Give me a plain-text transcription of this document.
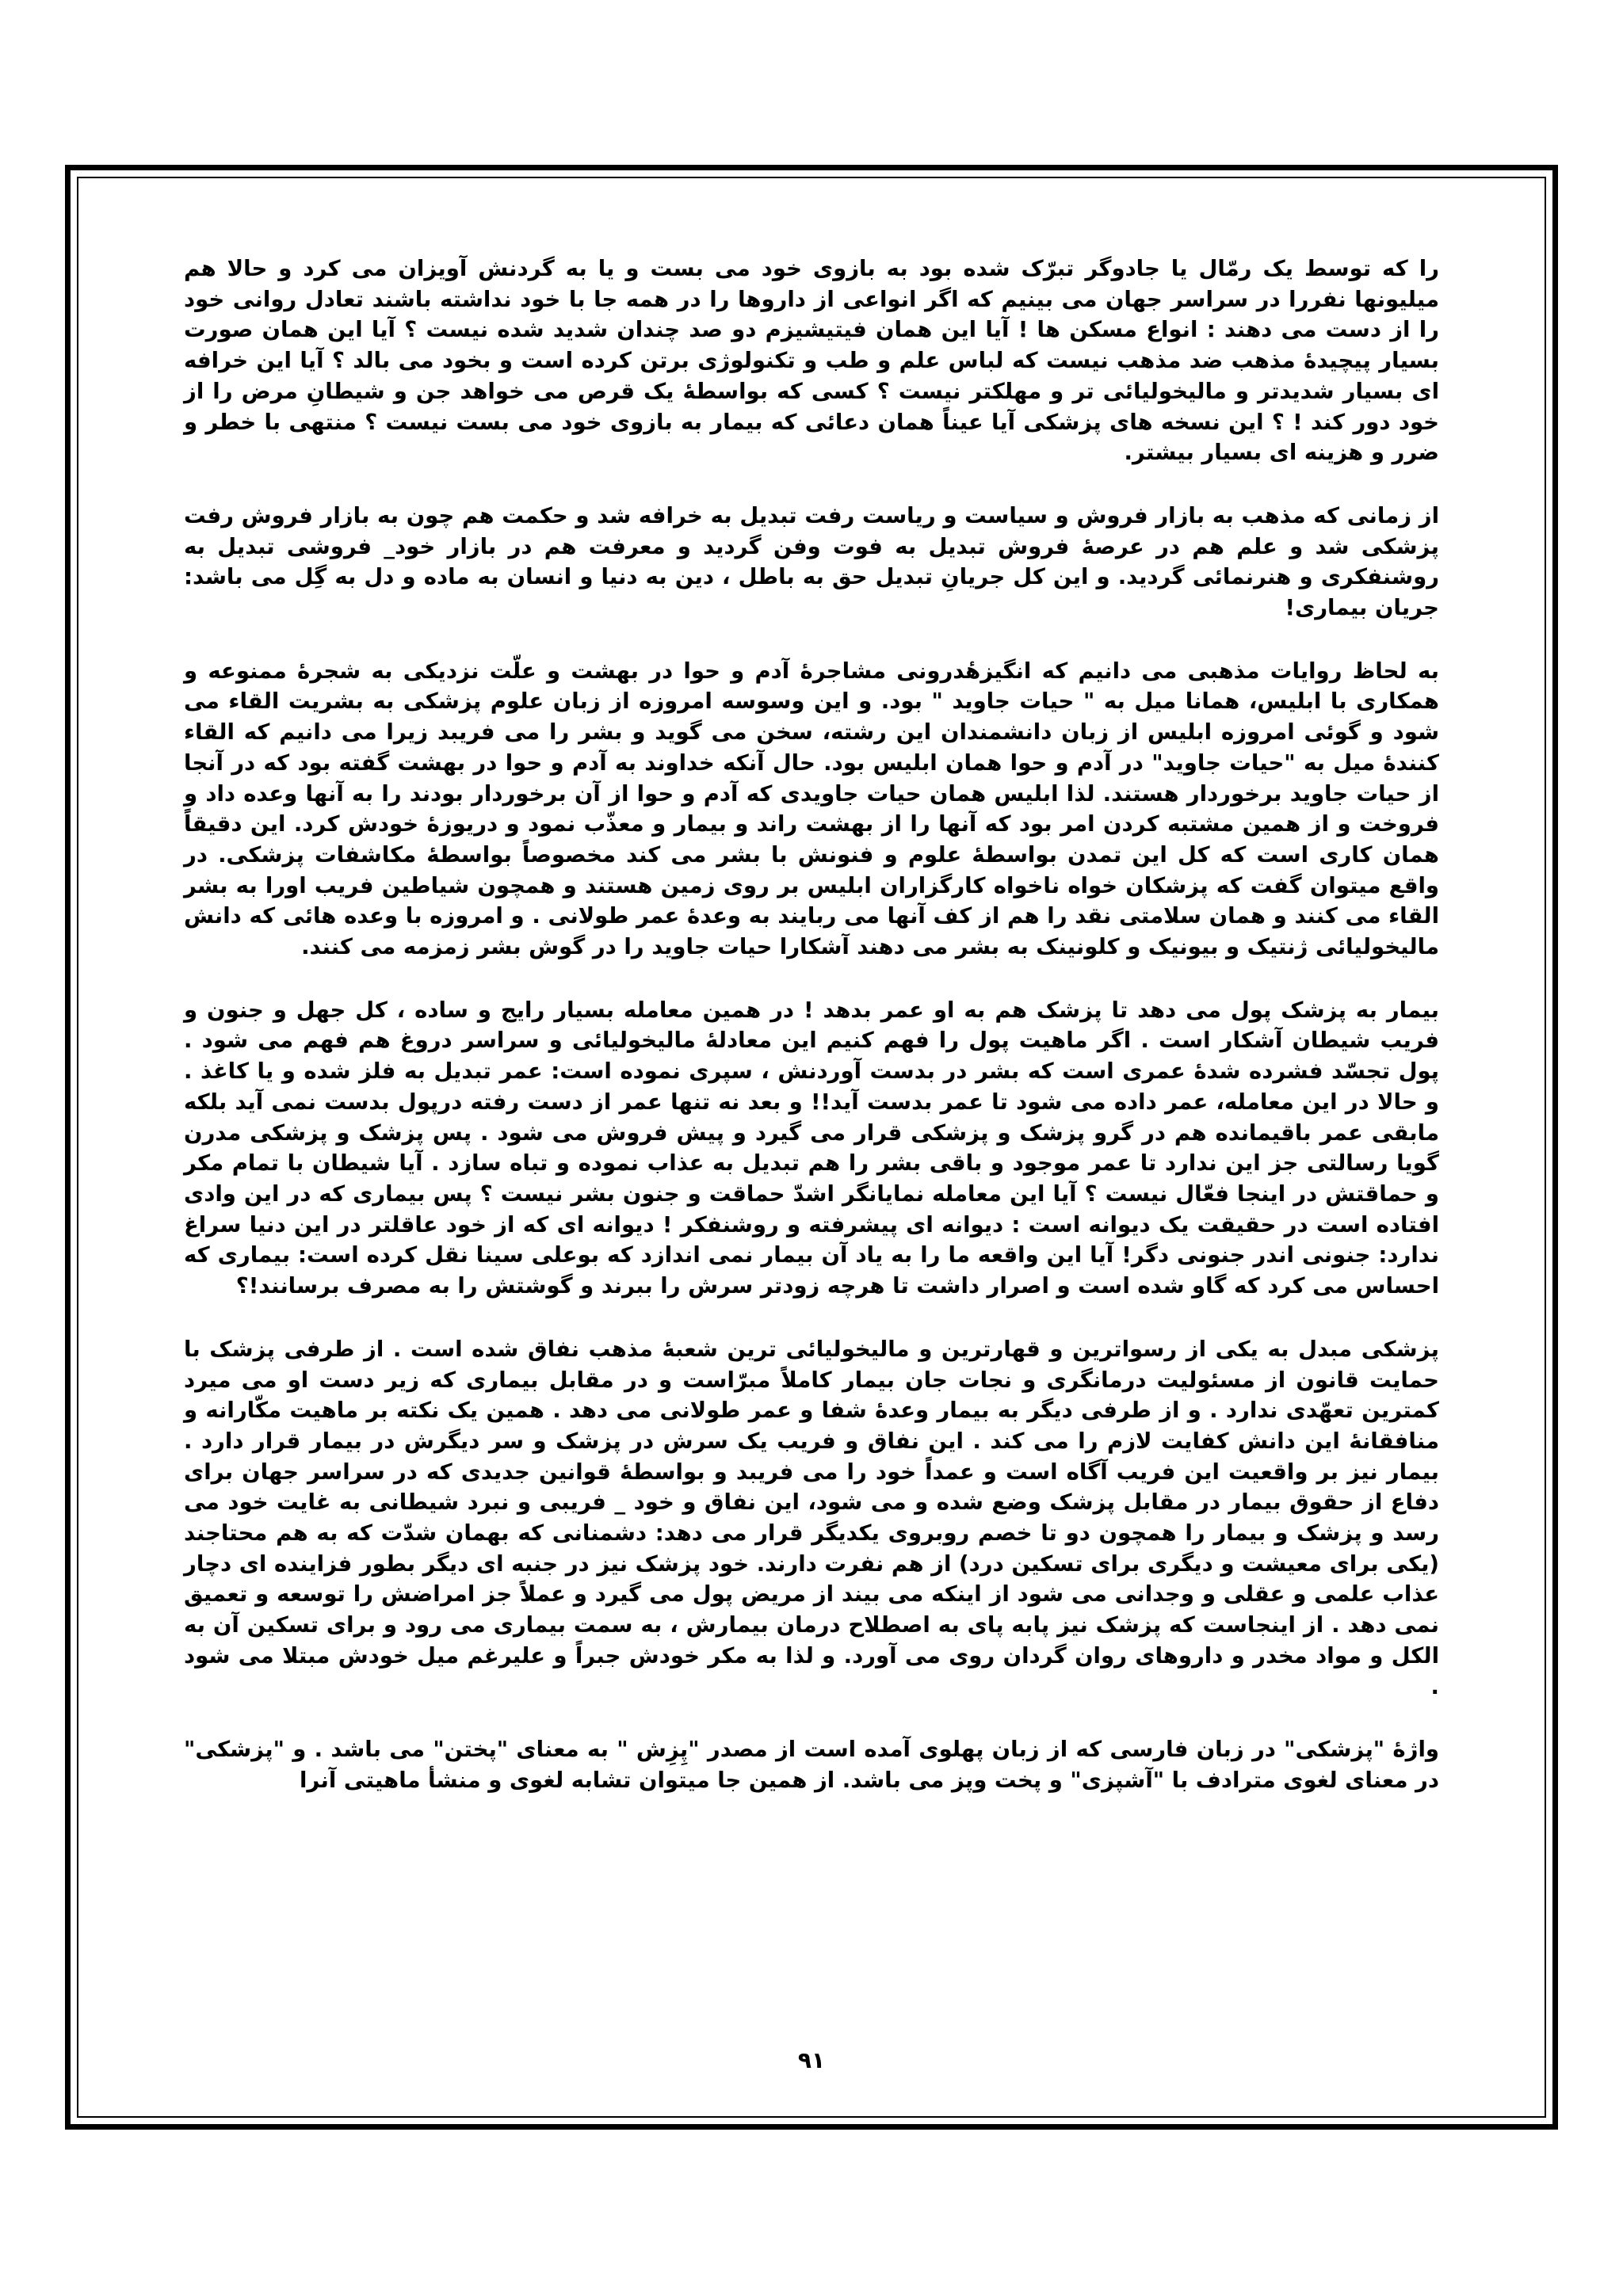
را كه توسط یک رمّال یا جادوگر تبرّک شده بود به بازوی خود می بست و یا به گردنش آویزان می کرد و حالا هم میلیونها نفررا در سراسر جهان می بینیم که اگر انواعی از داروها را در همه جا با خود نداشته باشند تعادل روانی خود را از دست می دهند : انواع مسکن ها ! آیا این همان فیتیشیزم دو صد چندان شدید شده نیست ؟ آیا این همان صورت بسیار پیچیدهٔ مذهب ضد مذهب نیست که لباس علم و طب و تکنولوژی برتن کرده است و بخود می بالد ؟ آیا این خرافه ای بسیار شدیدتر و مالیخولیائی تر و مهلکتر نیست ؟ کسی که بواسطهٔ یک قرص می خواهد جن و شیطانِ مرض را از خود دور کند ! ؟ این نسخه های پزشکی آیا عیناً همان دعائی که بیمار به بازوی خود می بست نیست ؟ منتهی با خطر و ضرر و هزینه ای بسیار بیشتر.

از زمانی که مذهب به بازار فروش و سیاست و ریاست رفت تبدیل به خرافه شد و حکمت هم چون به بازار فروش رفت پزشکی شد و علم هم در عرصهٔ فروش تبدیل به فوت وفن گردید و معرفت هم در بازار خود_ فروشی تبدیل به روشنفکری و هنرنمائی گردید. و این کل جریانِ تبدیل حق به باطل ، دین به دنیا و انسان به ماده و دل به گِل می باشد: جریان بیماری!

به لحاظ روایات مذهبی می دانیم که انگیزهٔدرونی مشاجرهٔ آدم و حوا در بهشت و علّت نزدیکی به شجرهٔ ممنوعه و همکاری با ابلیس، همانا میل به " حیات جاوید " بود. و این وسوسه امروزه از زبان علوم پزشکی به بشریت القاء می شود و گوئی امروزه ابلیس از زبان دانشمندان این رشته، سخن می گوید و بشر را می فریبد زیرا می دانیم که القاء کنندهٔ میل به "حیات جاوید" در آدم و حوا همان ابلیس بود. حال آنکه خداوند به آدم و حوا در بهشت گفته بود که در آنجا از حیات جاوید برخوردار هستند. لذا ابلیس همان حیات جاویدی که آدم و حوا از آن برخوردار بودند را به آنها وعده داد و فروخت و از همین مشتبه کردن امر بود که آنها را از بهشت راند و بیمار و معذّب نمود و دریوزهٔ خودش کرد. این دقیقاً همان کاری است که کل این تمدن بواسطهٔ علوم و فنونش با بشر می کند مخصوصاً بواسطهٔ مکاشفات پزشکی. در واقع میتوان گفت که پزشکان خواه ناخواه کارگزاران ابلیس بر روی زمین هستند و همچون شیاطین فریب اورا به بشر القاء می کنند و همان سلامتی نقد را هم از کف آنها می ربایند به وعدهٔ عمر طولانی . و امروزه با وعده هائی که دانش مالیخولیائی ژنتیک و بیونیک و کلونینک به بشر می دهند آشکارا حیات جاوید را در گوش بشر زمزمه می کنند.

بیمار به پزشک پول می دهد تا پزشک هم به او عمر بدهد ! در همین معامله بسیار رایج و ساده ، کل جهل و جنون و فریب شیطان آشکار است . اگر ماهیت پول را فهم کنیم این معادلهٔ مالیخولیائی و سراسر دروغ هم فهم می شود . پول تجسّد فشرده شدهٔ عمری است که بشر در بدست آوردنش ، سپری نموده است: عمر تبدیل به فلز شده و یا کاغذ . و حالا در این معامله، عمر داده می شود تا عمر بدست آید!! و بعد نه تنها عمر از دست رفته درپول بدست نمی آید بلکه مابقی عمر باقیمانده هم در گرو پزشک و پزشکی قرار می گیرد و پیش فروش می شود . پس پزشک و پزشکی مدرن گویا رسالتی جز این ندارد تا عمر موجود و باقی بشر را هم تبدیل به عذاب نموده و تباه سازد . آیا شیطان با تمام مکر و حماقتش در اینجا فعّال نیست ؟ آیا این معامله نمایانگر اشدّ حماقت و جنون بشر نیست ؟ پس بیماری که در این وادی افتاده است در حقیقت یک دیوانه است : دیوانه ای پیشرفته و روشنفکر ! دیوانه ای که از خود عاقلتر در این دنیا سراغ ندارد: جنونی اندر جنونی دگر! آیا این واقعه ما را به یاد آن بیمار نمی اندازد که بوعلی سینا نقل کرده است: بیماری که احساس می کرد که گاو شده است و اصرار داشت تا هرچه زودتر سرش را ببرند و گوشتش را به مصرف برسانند!؟

پزشکی مبدل به یکی از رسواترین و قهارترین و مالیخولیائی ترین شعبهٔ مذهب نفاق شده است . از طرفی پزشک با حمایت قانون از مسئولیت درمانگری و نجات جان بیمار کاملاً مبرّاست و در مقابل بیماری که زیر دست او می میرد کمترین تعهّدی ندارد . و از طرفی دیگر به بیمار وعدهٔ شفا و عمر طولانی می دهد . همین یک نکته بر ماهیت مکّارانه و منافقانهٔ این دانش کفایت لازم را می کند . این نفاق و فریب یک سرش در پزشک و سر دیگرش در بیمار قرار دارد . بیمار نیز بر واقعیت این فریب آگاه است و عمداً خود را می فریبد و بواسطهٔ قوانین جدیدی که در سراسر جهان برای دفاع از حقوق بیمار در مقابل پزشک وضع شده و می شود، این نفاق و خود _ فریبی و نبرد شیطانی به غایت خود می رسد و پزشک و بیمار را همچون دو تا خصم روبروی یکدیگر قرار می دهد: دشمنانی که بهمان شدّت که به هم محتاجند (یکی برای معیشت و دیگری برای تسکین درد) از هم نفرت دارند. خود پزشک نیز در جنبه ای دیگر بطور فزاینده ای دچار عذاب علمی و عقلی و وجدانی می شود از اینکه می بیند از مریض پول می گیرد و عملاً جز امراضش را توسعه و تعمیق نمی دهد . از اینجاست که پزشک نیز پابه پای به اصطلاح درمان بیمارش ، به سمت بیماری می رود و برای تسکین آن به الکل و مواد مخدر و داروهای روان گردان روی می آورد. و لذا به مکر خودش جبراً و علیرغم میل خودش مبتلا می شود .

واژهٔ "پزشکی" در زبان فارسی که از زبان پهلوی آمده است از مصدر "پِزِش " به معنای "پختن" می باشد . و "پزشکی" در معنای لغوی مترادف با "آشپزی" و پخت وپز می باشد. از همین جا میتوان تشابه لغوی و منشأ ماهیتی آنرا

۹۱
